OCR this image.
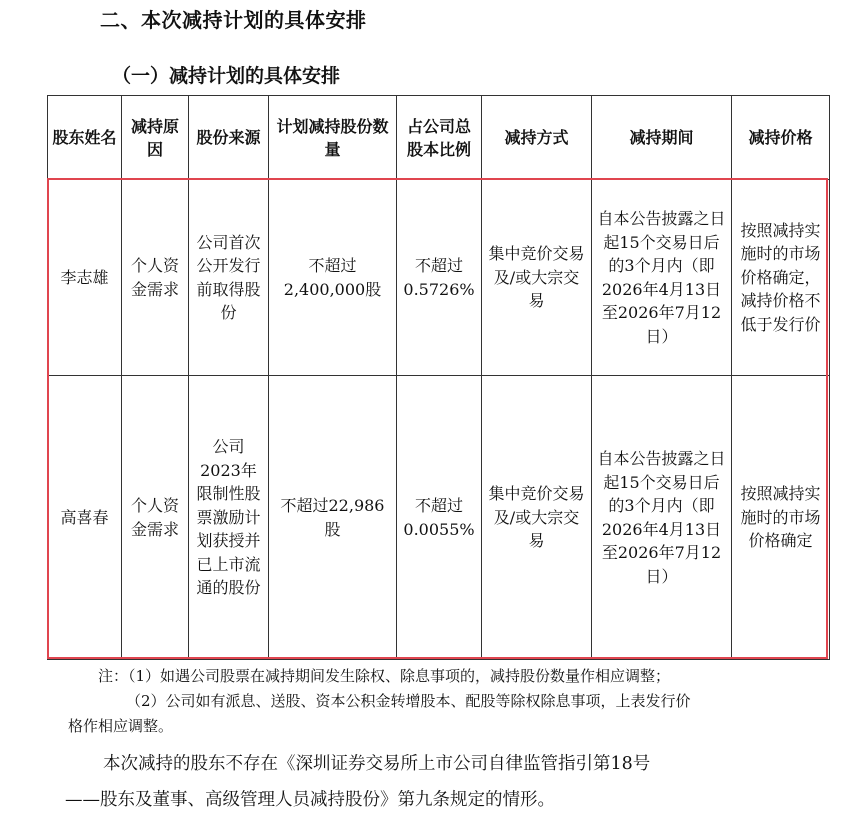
二、本次减持计划的具体安排
（一）减持计划的具体安排
股东姓名	减持原因	股份来源	计划减持股份数量	占公司总股本比例	减持方式	减持期间	减持价格
李志雄	个人资金需求	公司首次公开发行前取得股份	不超过2,400,000股	不超过0.5726%	集中竞价交易及/或大宗交易	自本公告披露之日起15个交易日后的3个月内（即2026年4月13日至2026年7月12日）	按照减持实施时的市场价格确定，减持价格不低于发行价
高喜春	个人资金需求	公司2023年限制性股票激励计划获授并已上市流通的股份	不超过22,986股	不超过0.0055%	集中竞价交易及/或大宗交易	自本公告披露之日起15个交易日后的3个月内（即2026年4月13日至2026年7月12日）	按照减持实施时的市场价格确定

注：（1）如遇公司股票在减持期间发生除权、除息事项的，减持股份数量作相应调整；

（2）公司如有派息、送股、资本公积金转增股本、配股等除权除息事项，上表发行价

格作相应调整。

本次减持的股东不存在《深圳证券交易所上市公司自律监管指引第18号

——股东及董事、高级管理人员减持股份》第九条规定的情形。
